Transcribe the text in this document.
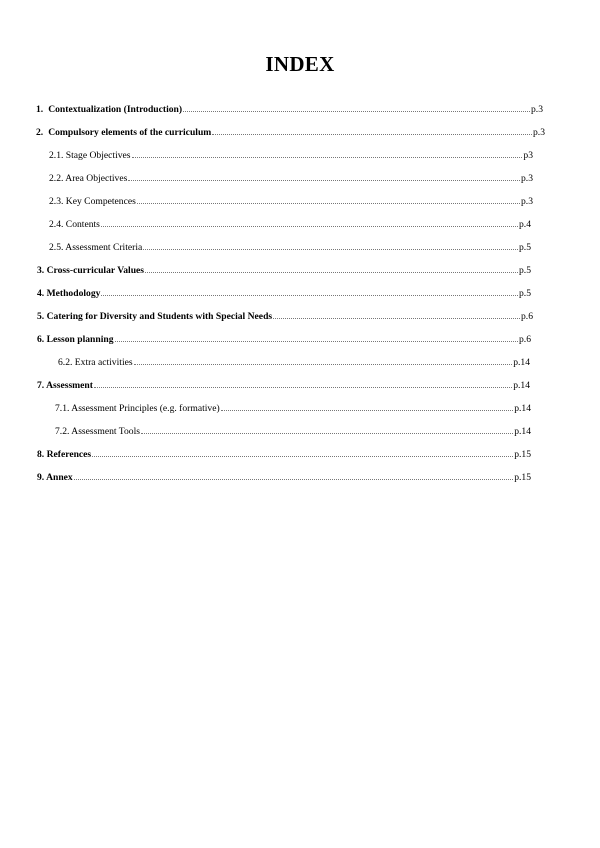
INDEX
1. Contextualization (Introduction)	p.3
2. Compulsory elements of the curriculum	p.3
2.1. Stage Objectives	p3
2.2. Area Objectives	p.3
2.3. Key Competences	p.3
2.4. Contents	p.4
2.5. Assessment Criteria	p.5
3. Cross-curricular Values	p.5
4. Methodology	p.5
5. Catering for Diversity and Students with Special Needs	p.6
6. Lesson planning	p.6
6.2. Extra activities	p.14
7. Assessment	p.14
7.1. Assessment Principles (e.g. formative)	p.14
7.2. Assessment Tools	p.14
8. References	p.15
9. Annex	p.15
